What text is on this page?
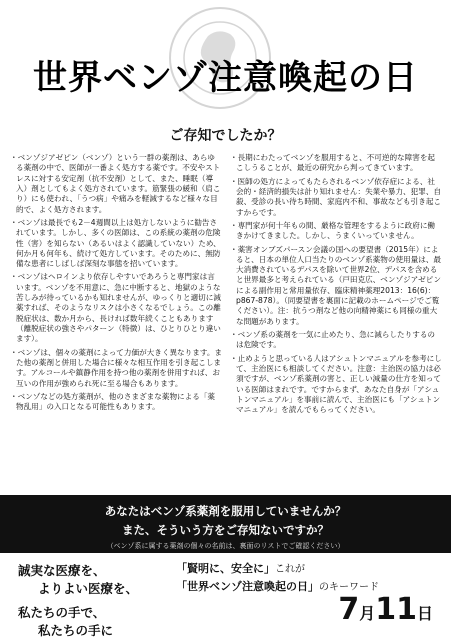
世界ベンゾ注意喚起の日
ご存知でしたか？

・ ベンゾジアゼピン（ベンゾ）という一群の薬剤は、あらゆる薬剤の中で、医師が一番よく処方する薬です。不安やストレスに対する安定剤（抗不安剤）として、また、睡眠（導入）剤としてもよく処方されています。筋緊張の緩和（肩こり）にも使われ、「うつ病」や痛みを軽減するなど様々な目的で、よく処方されます。

・ ベンゾは最長でも2－4週間以上は処方しないように勧告されています。しかし、多くの医師は、この系統の薬剤の危険性（害）を知らない（あるいはよく認識していない）ため、何か月も何年も、続けて処方しています。そのために、無防備な患者にしばしば深刻な事態を招いています。

・ ベンゾはヘロインより依存しやすいであろうと専門家は言います。ベンゾを不用意に、急に中断すると、地獄のような苦しみが待っているかも知れませんが、ゆっくりと適切に減薬すれば、そのようなリスクは小さくなるでしょう。この離脱症状は、数か月から、長ければ数年続くこともあります（離脱症状の強さやパターン（特徴）は、ひとりひとり違います）。

・ ベンゾは、個々の薬剤によって力価が大きく異なります。また他の薬剤と併用した場合に様々な相互作用を引き起こします。アルコールや鎮静作用を持つ他の薬剤を併用すれば、お互いの作用が強められ死に至る場合もあります。

・ ベンゾなどの処方薬剤が、他のさまざまな薬物による「薬物乱用」の入口となる可能性もあります。

・ 長期にわたってベンゾを服用すると、不可逆的な障害を起こしうることが、最近の研究から判ってきています。

・ 医師の処方によってもたらされるベンゾ依存症による、社会的・経済的損失は計り知れません：失業や暴力、犯罪、自殺、受診の長い待ち時間、家庭内不和、事故なども引き起こすからです。

・ 専門家が何十年もの間、厳格な管理をするように政府に働きかけてきました。しかし、うまくいっていません。

・ 薬害オンブズパースン会議の国への要望書（2015年）によると、日本の単位人口当たりのベンゾ系薬物の使用量は、最大消費されているデパスを除いて世界2位、デパスを含めると世界最多と考えられている（戸田克広、ベンゾジアゼピンによる副作用と常用量依存、臨床精神薬理2013：16(6)：p867-878）。（同要望書を裏面に記載のホームページでご覧ください）。注：抗うつ剤など他の向精神薬にも同様の重大な問題があります。

・ ベンゾ系の薬剤を一気に止めたり、急に減らしたりするのは危険です。

・ 止めようと思っている人はアシュトンマニュアルを参考にして、主治医にも相談してください。注意：主治医の協力は必須ですが、ベンゾ系薬剤の害と、正しい減量の仕方を知っている医師はまれです。ですからまず、あなた自身が「アシュトンマニュアル」を事前に読んで、主治医にも「アシュトンマニュアル」を読んでもらってください。

あなたはベンゾ系薬剤を服用していませんか？
また、そういう方をご存知ないですか？
（ベンゾ系に属する薬剤の個々の名前は、裏面のリストでご確認ください）
誠実な医療を、
よりよい医療を、
私たちの手で、
私たちの手に
「賢明に、安全に」これが
「世界ベンゾ注意喚起の日」のキーワード
7月11日
